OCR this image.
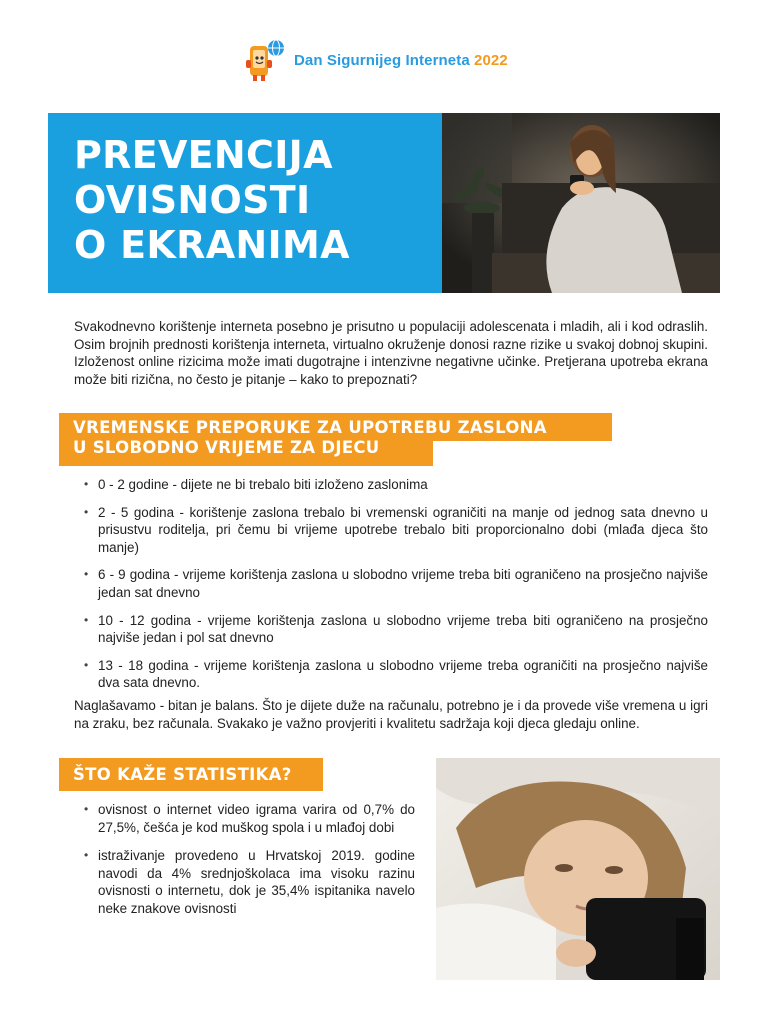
Dan Sigurnijeg Interneta 2022
PREVENCIJA
OVISNOSTI
O EKRANIMA

Svakodnevno korištenje interneta posebno je prisutno u populaciji adolescenata i mladih, ali i kod odraslih. Osim brojnih prednosti korištenja interneta, virtualno okruženje donosi razne rizike u svakoj dobnoj skupini. Izloženost online rizicima može imati dugotrajne i intenzivne negativne učinke. Pretjerana upotreba ekrana može biti rizična, no često je pitanje – kako to prepoznati?

VREMENSKE PREPORUKE ZA UPOTREBU ZASLONA
U SLOBODNO VRIJEME ZA DJECU
• 0 - 2 godine - dijete ne bi trebalo biti izloženo zaslonima
• 2 - 5 godina - korištenje zaslona trebalo bi vremenski ograničiti na manje od jednog sata dnevno u prisustvu roditelja, pri čemu bi vrijeme upotrebe trebalo biti proporcionalno dobi (mlađa djeca što manje)
• 6 - 9 godina - vrijeme korištenja zaslona u slobodno vrijeme treba biti ograničeno na prosječno najviše jedan sat dnevno
• 10 - 12 godina - vrijeme korištenja zaslona u slobodno vrijeme treba biti ograničeno na prosječno najviše jedan i pol sat dnevno
• 13 - 18 godina - vrijeme korištenja zaslona u slobodno vrijeme treba ograničiti na prosječno najviše dva sata dnevno.

Naglašavamo - bitan je balans. Što je dijete duže na računalu, potrebno je i da provede više vremena u igri na zraku, bez računala. Svakako je važno provjeriti i kvalitetu sadržaja koji djeca gledaju online.

ŠTO KAŽE STATISTIKA?
• ovisnost o internet video igrama varira od 0,7% do 27,5%, češća je kod muškog spola i u mlađoj dobi
• istraživanje provedeno u Hrvatskoj 2019. godine navodi da 4% srednjoškolaca ima visoku razinu ovisnosti o internetu, dok je 35,4% ispitanika navelo neke znakove ovisnosti
